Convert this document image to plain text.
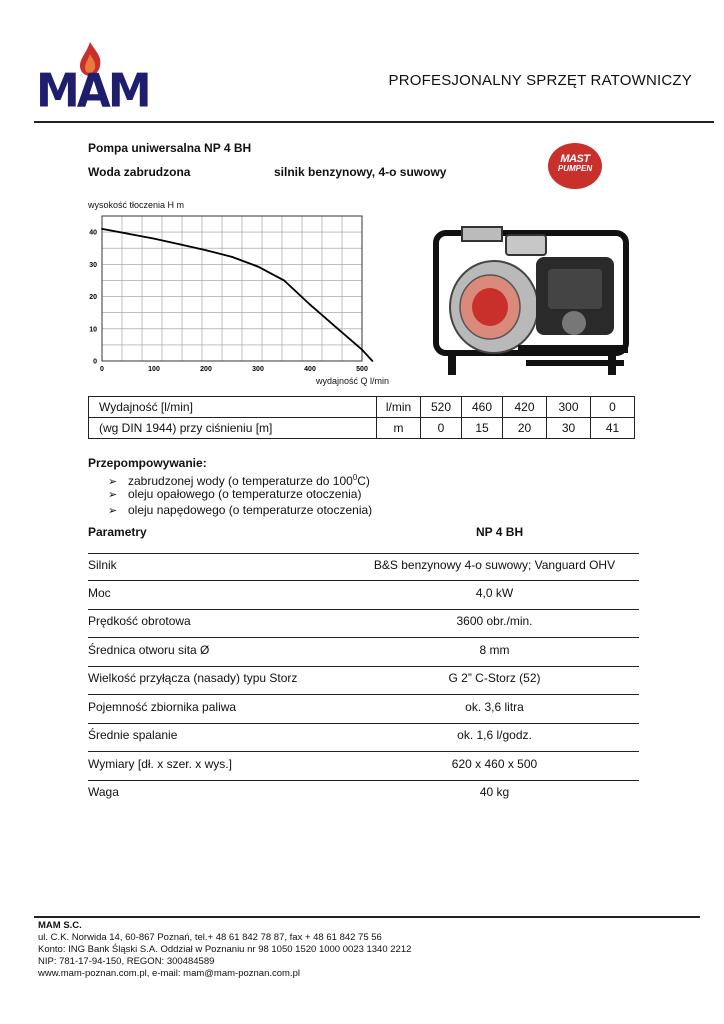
MAM	PROFESJONALNY SPRZĘT RATOWNICZY
Pompa uniwersalna NP 4 BH
Woda zabrudzona	silnik benzynowy, 4-o suwowy
MAST
PUMPEN
wysokość tłoczenia H m
0	100	200	300	400	500
0
10
20
30
40
wydajność Q l/min
Wydajność [l/min]	l/min	520	460	420	300	0
(wg DIN 1944) przy ciśnieniu [m]	m	0	15	20	30	41
Przepompowywanie:
➢ zabrudzonej wody (o temperaturze do $100^0C$)
➢ oleju opałowego (o temperaturze otoczenia)
➢ oleju napędowego (o temperaturze otoczenia)
Parametry	NP 4 BH
Silnik	B&S benzynowy 4-o suwowy; Vanguard OHV
Moc	4,0 kW
Prędkość obrotowa	3600 obr./min.
Średnica otworu sita Ø	8 mm
Wielkość przyłącza (nasady) typu Storz	G 2” C-Storz (52)
Pojemność zbiornika paliwa	ok. 3,6 litra
Średnie spalanie	ok. 1,6 l/godz.
Wymiary [dł. x szer. x wys.]	620 x 460 x 500
Waga	40 kg
MAM S.C.
ul. C.K. Norwida 14, 60-867 Poznań, tel.+ 48 61 842 78 87, fax + 48 61 842 75 56
Konto: ING Bank Śląski S.A. Oddział w Poznaniu nr 98 1050 1520 1000 0023 1340 2212
NIP: 781-17-94-150, REGON: 300484589
www.mam-poznan.com.pl, e-mail: mam@mam-poznan.com.pl
